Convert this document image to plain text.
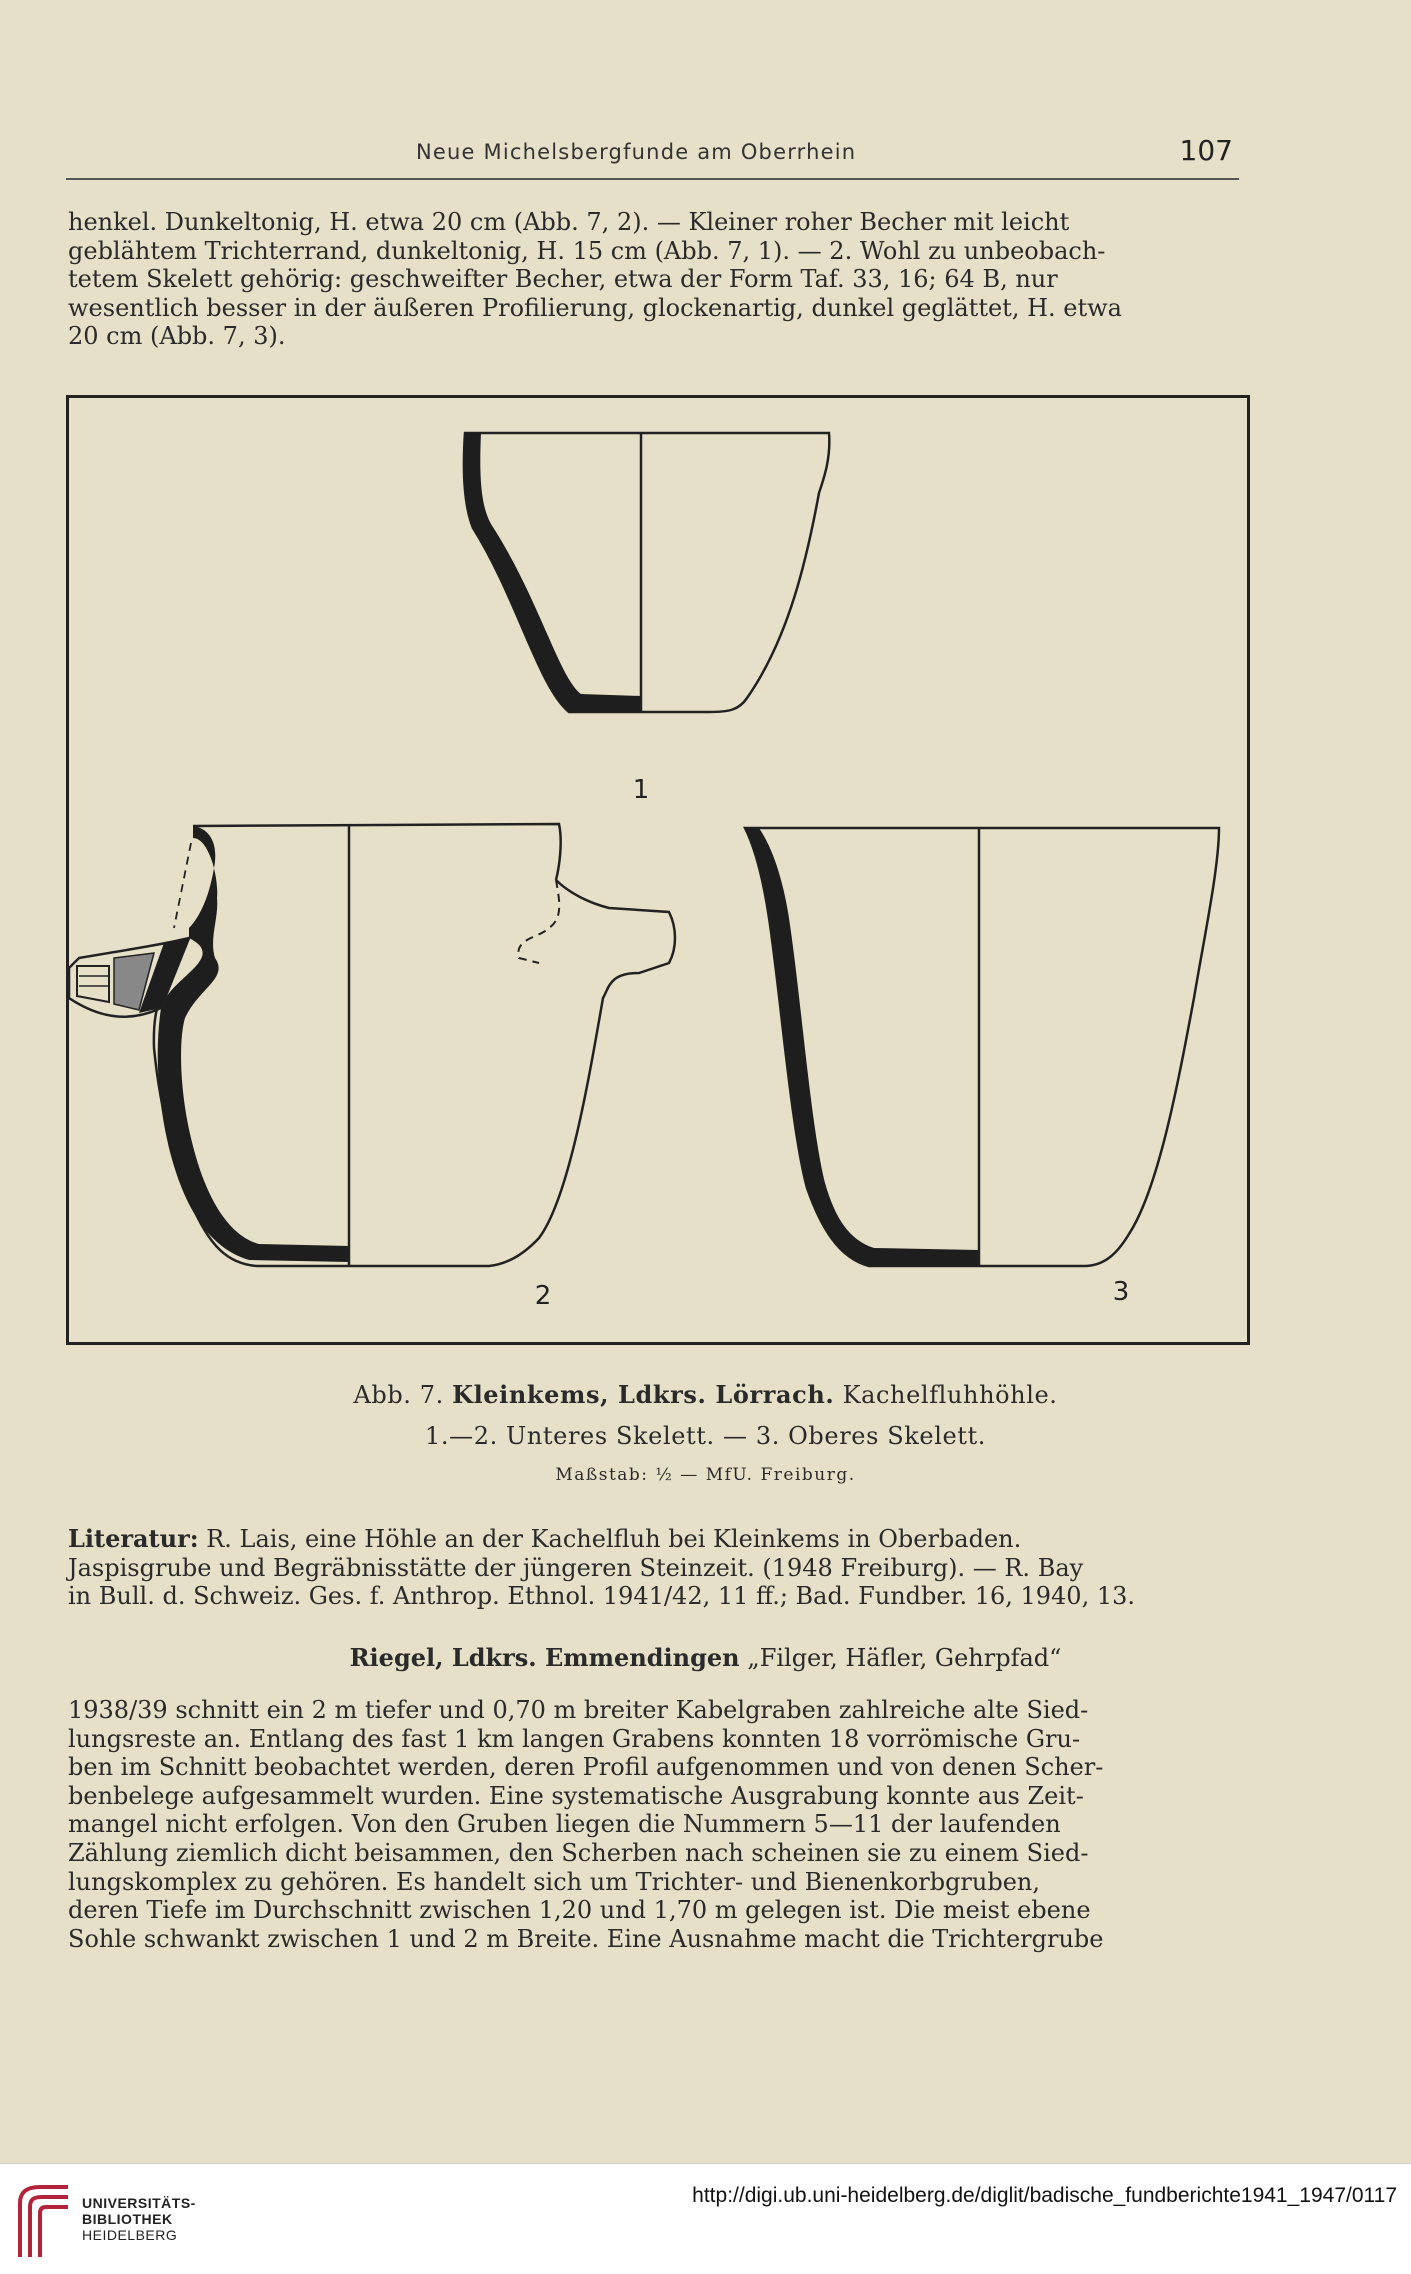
Neue Michelsbergfunde am Oberrhein	107
henkel. Dunkeltonig, H. etwa 20 cm (Abb. 7, 2). — Kleiner roher Becher mit leicht
geblähtem Trichterrand, dunkeltonig, H. 15 cm (Abb. 7, 1). — 2. Wohl zu unbeobach-
tetem Skelett gehörig: geschweifter Becher, etwa der Form Taf. 33, 16; 64 B, nur
wesentlich besser in der äußeren Profilierung, glockenartig, dunkel geglättet, H. etwa
20 cm (Abb. 7, 3).
1
2	3
Abb. 7. Kleinkems, Ldkrs. Lörrach. Kachelfluhhöhle.
1.—2. Unteres Skelett. — 3. Oberes Skelett.
Maßstab: ½ — MfU. Freiburg.
Literatur: R. Lais, eine Höhle an der Kachelfluh bei Kleinkems in Oberbaden.
Jaspisgrube und Begräbnisstätte der jüngeren Steinzeit. (1948 Freiburg). — R. Bay
in Bull. d. Schweiz. Ges. f. Anthrop. Ethnol. 1941/42, 11 ff.; Bad. Fundber. 16, 1940, 13.
Riegel, Ldkrs. Emmendingen „Filger, Häfler, Gehrpfad“
1938/39 schnitt ein 2 m tiefer und 0,70 m breiter Kabelgraben zahlreiche alte Sied-
lungsreste an. Entlang des fast 1 km langen Grabens konnten 18 vorrömische Gru-
ben im Schnitt beobachtet werden, deren Profil aufgenommen und von denen Scher-
benbelege aufgesammelt wurden. Eine systematische Ausgrabung konnte aus Zeit-
mangel nicht erfolgen. Von den Gruben liegen die Nummern 5—11 der laufenden
Zählung ziemlich dicht beisammen, den Scherben nach scheinen sie zu einem Sied-
lungskomplex zu gehören. Es handelt sich um Trichter- und Bienenkorbgruben,
deren Tiefe im Durchschnitt zwischen 1,20 und 1,70 m gelegen ist. Die meist ebene
Sohle schwankt zwischen 1 und 2 m Breite. Eine Ausnahme macht die Trichtergrube
UNIVERSITÄTS-
BIBLIOTHEK
HEIDELBERG
http://digi.ub.uni-heidelberg.de/diglit/badische_fundberichte1941_1947/0117
